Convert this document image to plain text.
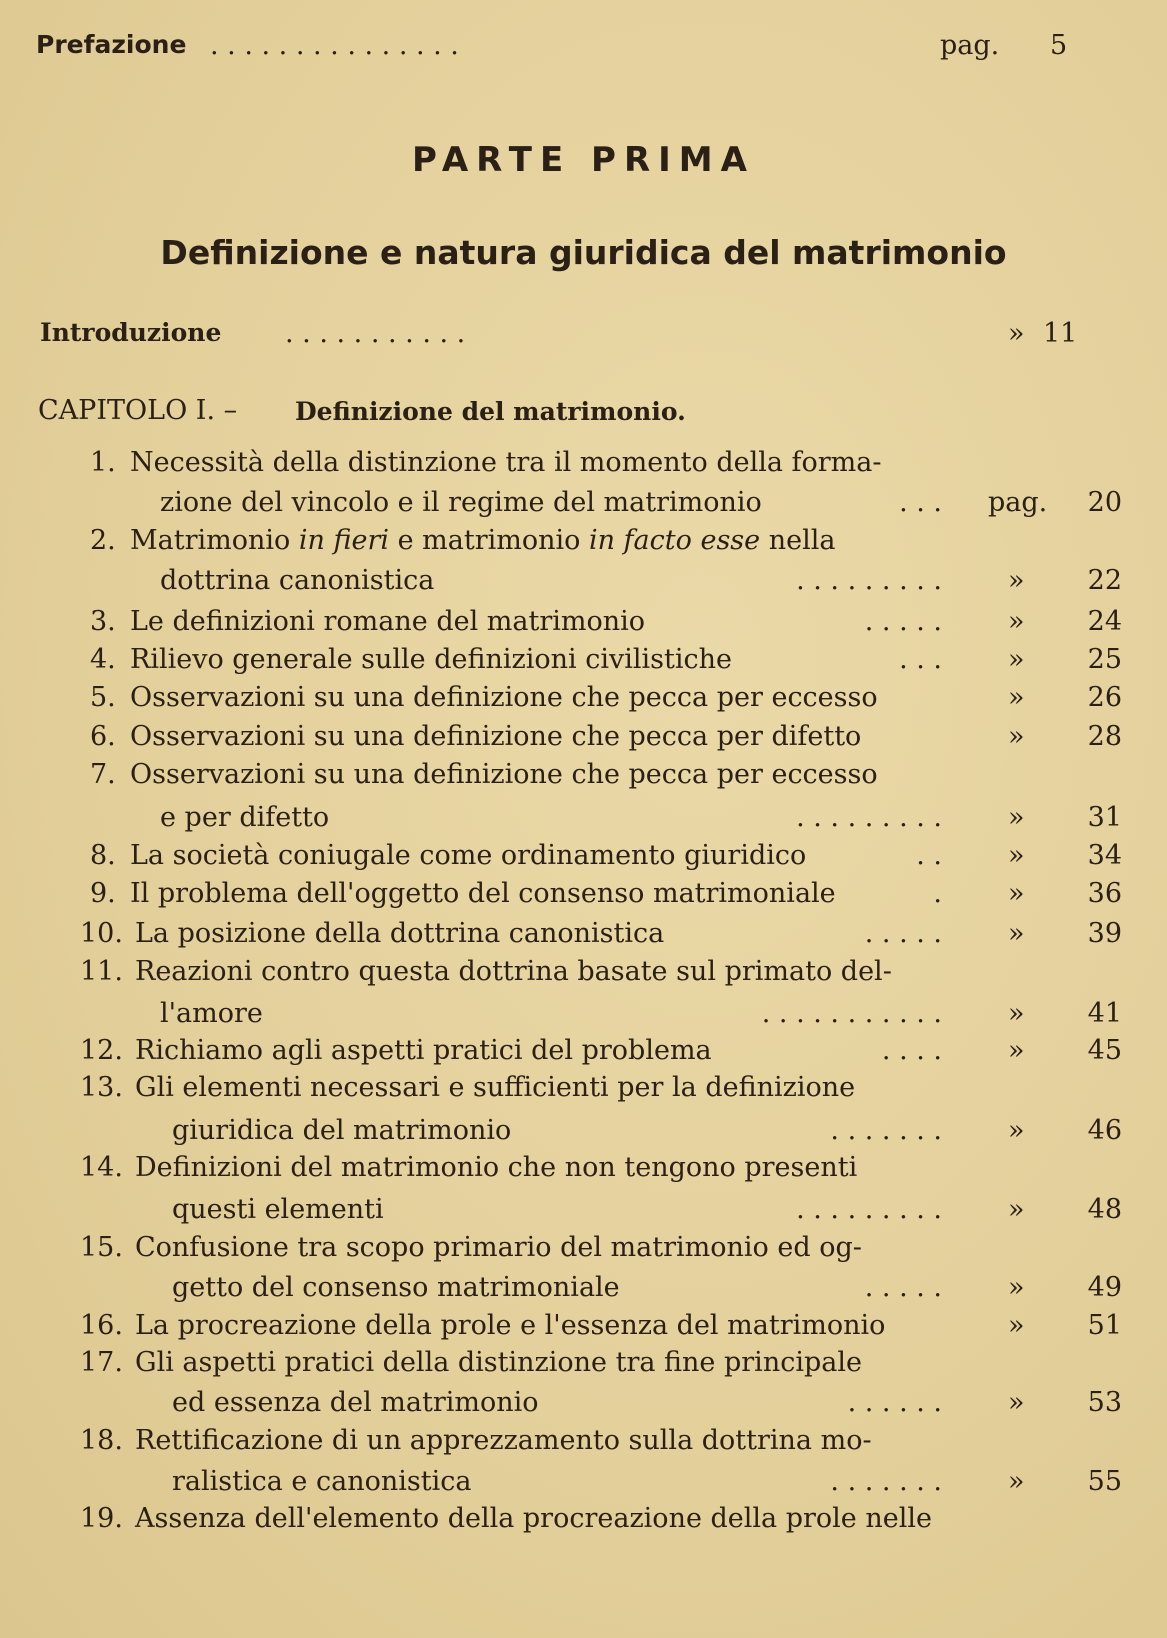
Prefazione . . . . . . . . . . . . . . .	pag. 5
PARTE PRIMA
Definizione e natura giuridica del matrimonio
Introduzione . . . . . . . . . . .	» 11
CAPITOLO I. – Definizione del matrimonio.
1. Necessità della distinzione tra il momento della forma-
zione del vincolo e il regime del matrimonio	. . . pag. 20
2. Matrimonio in fieri e matrimonio in facto esse nella
dottrina canonistica	. . . . . . . . . » 22
3. Le definizioni romane del matrimonio	. . . . . » 24
4. Rilievo generale sulle definizioni civilistiche	. . . » 25
5. Osservazioni su una definizione che pecca per eccesso	» 26
6. Osservazioni su una definizione che pecca per difetto	» 28
7. Osservazioni su una definizione che pecca per eccesso
e per difetto	. . . . . . . . . » 31
8. La società coniugale come ordinamento giuridico	. . » 34
9. Il problema dell'oggetto del consenso matrimoniale	. » 36
10. La posizione della dottrina canonistica	. . . . . » 39
11. Reazioni contro questa dottrina basate sul primato del-
l'amore	. . . . . . . . . . . » 41
12. Richiamo agli aspetti pratici del problema	. . . . » 45
13. Gli elementi necessari e sufficienti per la definizione
giuridica del matrimonio	. . . . . . . » 46
14. Definizioni del matrimonio che non tengono presenti
questi elementi	. . . . . . . . . » 48
15. Confusione tra scopo primario del matrimonio ed og-
getto del consenso matrimoniale	. . . . . » 49
16. La procreazione della prole e l'essenza del matrimonio	» 51
17. Gli aspetti pratici della distinzione tra fine principale
ed essenza del matrimonio	. . . . . . » 53
18. Rettificazione di un apprezzamento sulla dottrina mo-
ralistica e canonistica	. . . . . . . » 55
19. Assenza dell'elemento della procreazione della prole nelle
